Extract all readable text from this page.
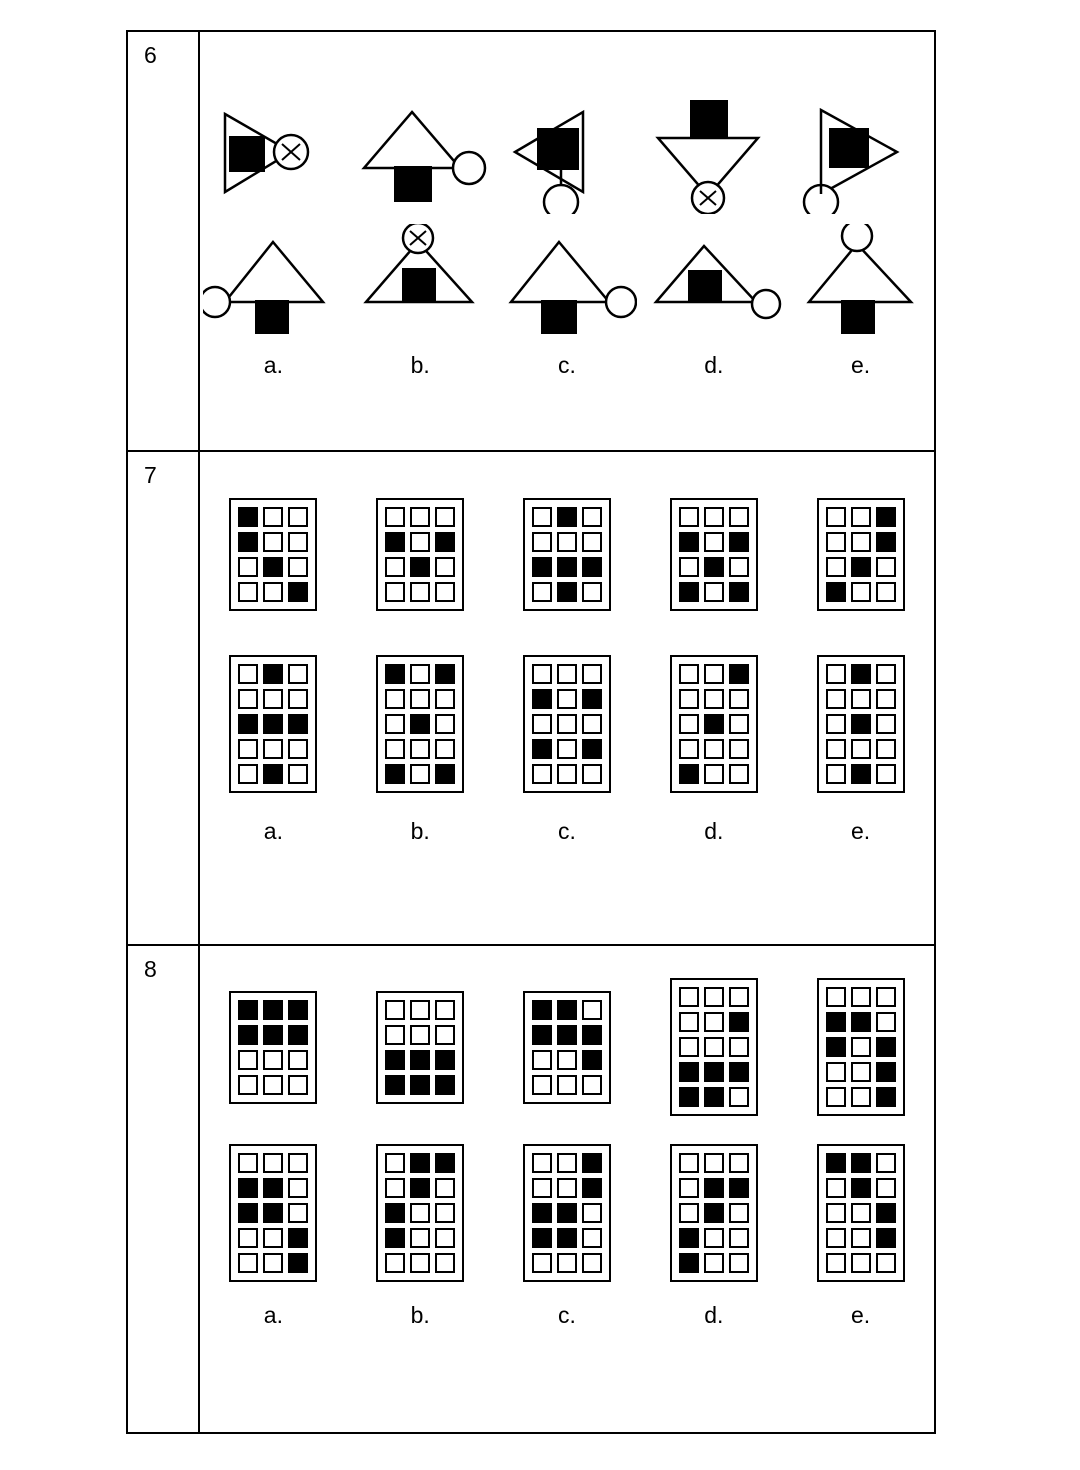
6
a.	b.	c.	d.	e.
7
a.	b.	c.	d.	e.
8
a.	b.	c.	d.	e.
